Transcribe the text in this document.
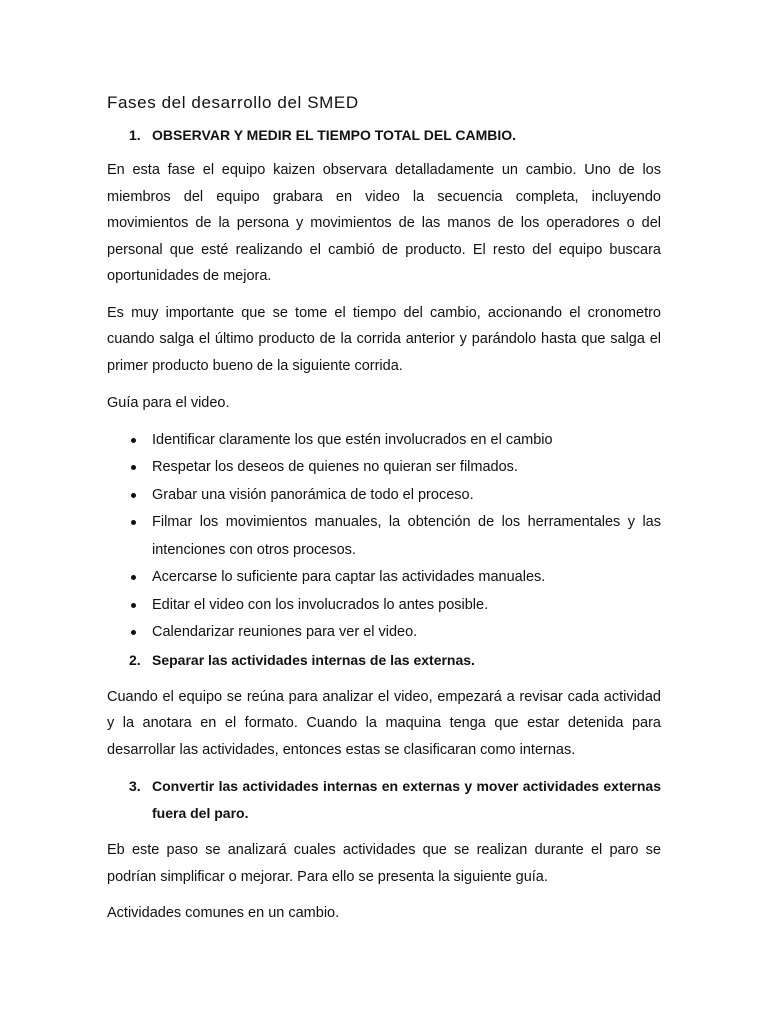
Fases del desarrollo del SMED
1. OBSERVAR Y MEDIR EL TIEMPO TOTAL DEL CAMBIO.

En esta fase el equipo kaizen observara detalladamente un cambio. Uno de los miembros del equipo grabara en video la secuencia completa, incluyendo movimientos de la persona y movimientos de las manos de los operadores o del personal que esté realizando el cambió de producto. El resto del equipo buscara oportunidades de mejora.

Es muy importante que se tome el tiempo del cambio, accionando el cronometro cuando salga el último producto de la corrida anterior y parándolo hasta que salga el primer producto bueno de la siguiente corrida.

Guía para el video.

Identificar claramente los que estén involucrados en el cambio
Respetar los deseos de quienes no quieran ser filmados.
Grabar una visión panorámica de todo el proceso.
Filmar los movimientos manuales, la obtención de los herramentales y las intenciones con otros procesos.
Acercarse lo suficiente para captar las actividades manuales.
Editar el video con los involucrados lo antes posible.
Calendarizar reuniones para ver el video.
2. Separar las actividades internas de las externas.

Cuando el equipo se reúna para analizar el video, empezará a revisar cada actividad y la anotara en el formato. Cuando la maquina tenga que estar detenida para desarrollar las actividades, entonces estas se clasificaran como internas.

3. Convertir las actividades internas en externas y mover actividades externas fuera del paro.

Eb este paso se analizará cuales actividades que se realizan durante el paro se podrían simplificar o mejorar. Para ello se presenta la siguiente guía.

Actividades comunes en un cambio.
